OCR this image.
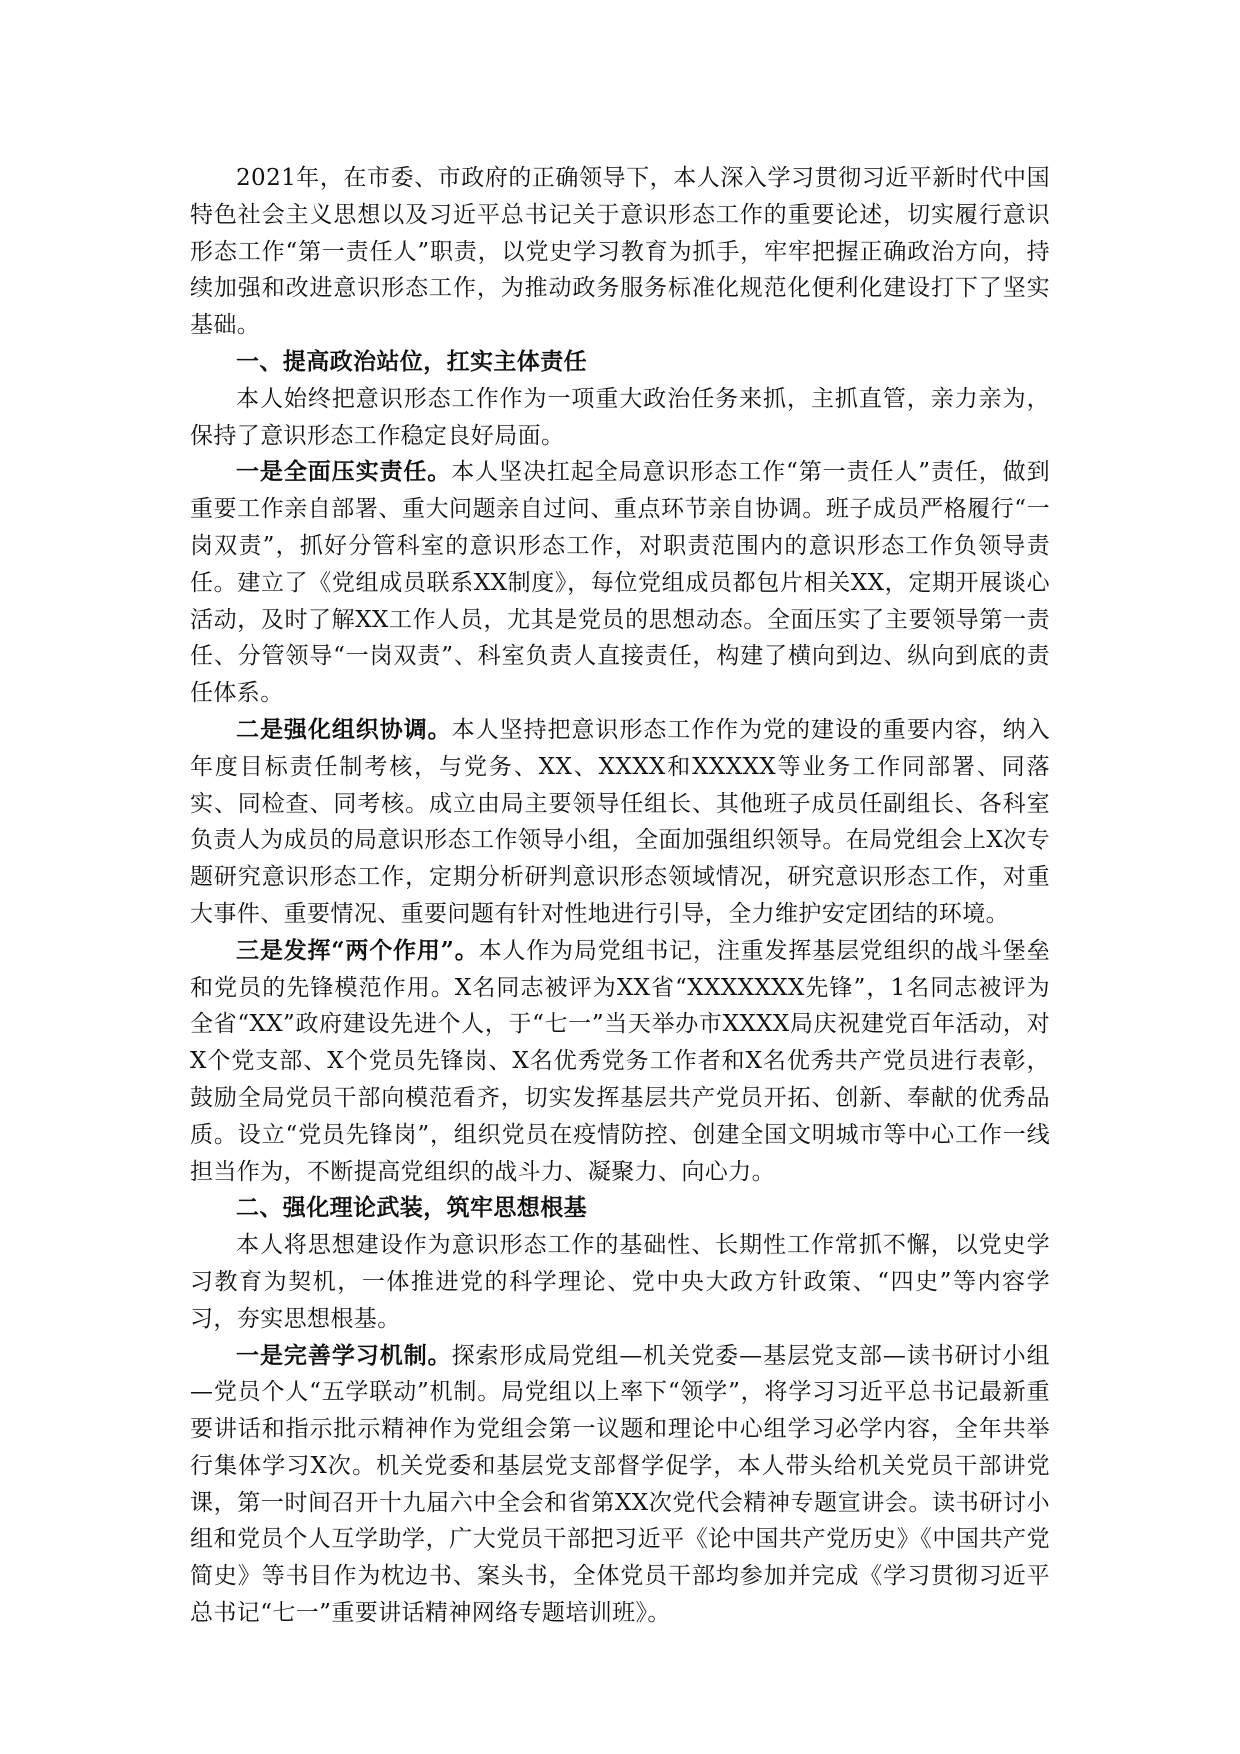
2021年，在市委、市政府的正确领导下，本人深入学习贯彻习近平新时代中国特色社会主义思想以及习近平总书记关于意识形态工作的重要论述，切实履行意识形态工作“第一责任人”职责，以党史学习教育为抓手，牢牢把握正确政治方向，持续加强和改进意识形态工作，为推动政务服务标准化规范化便利化建设打下了坚实基础。

一、提高政治站位，扛实主体责任

本人始终把意识形态工作作为一项重大政治任务来抓，主抓直管，亲力亲为，保持了意识形态工作稳定良好局面。

一是全面压实责任。本人坚决扛起全局意识形态工作“第一责任人”责任，做到重要工作亲自部署、重大问题亲自过问、重点环节亲自协调。班子成员严格履行“一岗双责”，抓好分管科室的意识形态工作，对职责范围内的意识形态工作负领导责任。建立了《党组成员联系XX制度》，每位党组成员都包片相关XX，定期开展谈心活动，及时了解XX工作人员，尤其是党员的思想动态。全面压实了主要领导第一责任、分管领导“一岗双责”、科室负责人直接责任，构建了横向到边、纵向到底的责任体系。

二是强化组织协调。本人坚持把意识形态工作作为党的建设的重要内容，纳入年度目标责任制考核，与党务、XX、XXXX和XXXXX等业务工作同部署、同落实、同检查、同考核。成立由局主要领导任组长、其他班子成员任副组长、各科室负责人为成员的局意识形态工作领导小组，全面加强组织领导。在局党组会上X次专题研究意识形态工作，定期分析研判意识形态领域情况，研究意识形态工作，对重大事件、重要情况、重要问题有针对性地进行引导，全力维护安定团结的环境。

三是发挥“两个作用”。本人作为局党组书记，注重发挥基层党组织的战斗堡垒和党员的先锋模范作用。X名同志被评为XX省“XXXXXXX先锋”，1名同志被评为全省“XX”政府建设先进个人，于“七一”当天举办市XXXX局庆祝建党百年活动，对X个党支部、X个党员先锋岗、X名优秀党务工作者和X名优秀共产党员进行表彰，鼓励全局党员干部向模范看齐，切实发挥基层共产党员开拓、创新、奉献的优秀品质。设立“党员先锋岗”，组织党员在疫情防控、创建全国文明城市等中心工作一线担当作为，不断提高党组织的战斗力、凝聚力、向心力。

二、强化理论武装，筑牢思想根基

本人将思想建设作为意识形态工作的基础性、长期性工作常抓不懈，以党史学习教育为契机，一体推进党的科学理论、党中央大政方针政策、“四史”等内容学习，夯实思想根基。

一是完善学习机制。探索形成局党组—机关党委—基层党支部—读书研讨小组—党员个人“五学联动”机制。局党组以上率下“领学”，将学习习近平总书记最新重要讲话和指示批示精神作为党组会第一议题和理论中心组学习必学内容，全年共举行集体学习X次。机关党委和基层党支部督学促学，本人带头给机关党员干部讲党课，第一时间召开十九届六中全会和省第XX次党代会精神专题宣讲会。读书研讨小组和党员个人互学助学，广大党员干部把习近平《论中国共产党历史》《中国共产党简史》等书目作为枕边书、案头书，全体党员干部均参加并完成《学习贯彻习近平总书记“七一”重要讲话精神网络专题培训班》。
